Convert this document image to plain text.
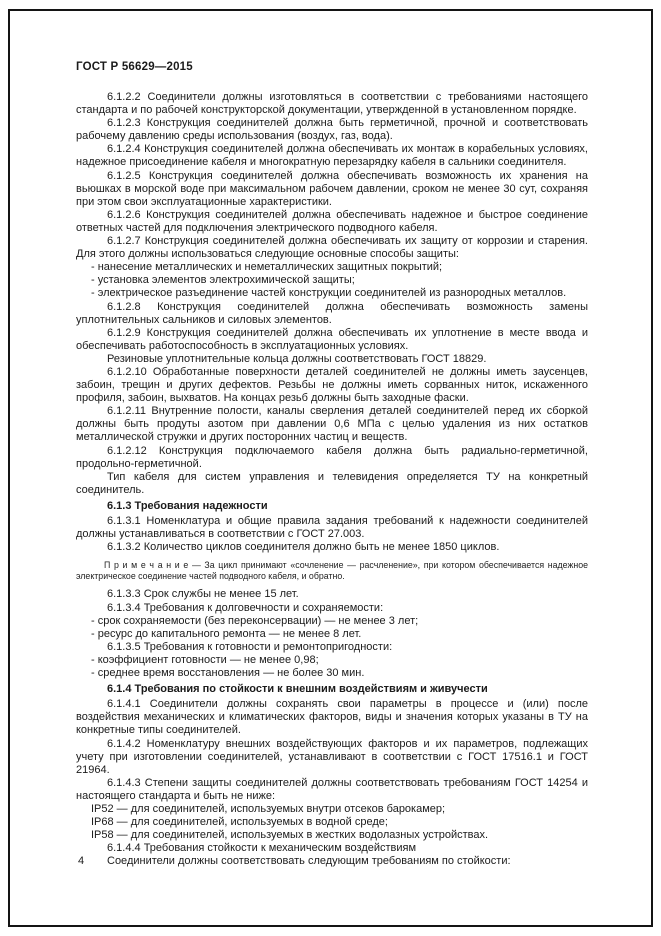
ГОСТ Р 56629—2015

6.1.2.2 Соединители должны изготовляться в соответствии с требованиями настоящего стандарта и по рабочей конструкторской документации, утвержденной в установленном порядке.

6.1.2.3 Конструкция соединителей должна быть герметичной, прочной и соответствовать рабочему давлению среды использования (воздух, газ, вода).

6.1.2.4 Конструкция соединителей должна обеспечивать их монтаж в корабельных условиях, надежное присоединение кабеля и многократную перезарядку кабеля в сальники соединителя.

6.1.2.5 Конструкция соединителей должна обеспечивать возможность их хранения на вьюшках в морской воде при максимальном рабочем давлении, сроком не менее 30 сут, сохраняя при этом свои эксплуатационные характеристики.

6.1.2.6 Конструкция соединителей должна обеспечивать надежное и быстрое соединение ответных частей для подключения электрического подводного кабеля.

6.1.2.7 Конструкция соединителей должна обеспечивать их защиту от коррозии и старения. Для этого должны использоваться следующие основные способы защиты:

- нанесение металлических и неметаллических защитных покрытий;

- установка элементов электрохимической защиты;

- электрическое разъединение частей конструкции соединителей из разнородных металлов.

6.1.2.8 Конструкция соединителей должна обеспечивать возможность замены уплотнительных сальников и силовых элементов.

6.1.2.9 Конструкция соединителей должна обеспечивать их уплотнение в месте ввода и обеспечивать работоспособность в эксплуатационных условиях.

Резиновые уплотнительные кольца должны соответствовать ГОСТ 18829.

6.1.2.10 Обработанные поверхности деталей соединителей не должны иметь заусенцев, забоин, трещин и других дефектов. Резьбы не должны иметь сорванных ниток, искаженного профиля, забоин, выхватов. На концах резьб должны быть заходные фаски.

6.1.2.11 Внутренние полости, каналы сверления деталей соединителей перед их сборкой должны быть продуты азотом при давлении 0,6 МПа с целью удаления из них остатков металлической стружки и других посторонних частиц и веществ.

6.1.2.12 Конструкция подключаемого кабеля должна быть радиально-герметичной, продольно-герметичной.

Тип кабеля для систем управления и телевидения определяется ТУ на конкретный соединитель.

6.1.3 Требования надежности

6.1.3.1 Номенклатура и общие правила задания требований к надежности соединителей должны устанавливаться в соответствии с ГОСТ 27.003.

6.1.3.2 Количество циклов соединителя должно быть не менее 1850 циклов.

П р и м е ч а н и е — За цикл принимают «сочленение — расчленение», при котором обеспечивается надежное электрическое соединение частей подводного кабеля, и обратно.

6.1.3.3 Срок службы не менее 15 лет.

6.1.3.4 Требования к долговечности и сохраняемости:

- срок сохраняемости (без переконсервации) — не менее 3 лет;

- ресурс до капитального ремонта — не менее 8 лет.

6.1.3.5 Требования к готовности и ремонтопригодности:

- коэффициент готовности — не менее 0,98;

- среднее время восстановления — не более 30 мин.

6.1.4 Требования по стойкости к внешним воздействиям и живучести

6.1.4.1 Соединители должны сохранять свои параметры в процессе и (или) после воздействия механических и климатических факторов, виды и значения которых указаны в ТУ на конкретные типы соединителей.

6.1.4.2 Номенклатуру внешних воздействующих факторов и их параметров, подлежащих учету при изготовлении соединителей, устанавливают в соответствии с ГОСТ 17516.1 и ГОСТ 21964.

6.1.4.3 Степени защиты соединителей должны соответствовать требованиям ГОСТ 14254 и настоящего стандарта и быть не ниже:

IP52 — для соединителей, используемых внутри отсеков барокамер;

IP68 — для соединителей, используемых в водной среде;

IP58 — для соединителей, используемых в жестких водолазных устройствах.

6.1.4.4 Требования стойкости к механическим воздействиям

Соединители должны соответствовать следующим требованиям по стойкости:

4
